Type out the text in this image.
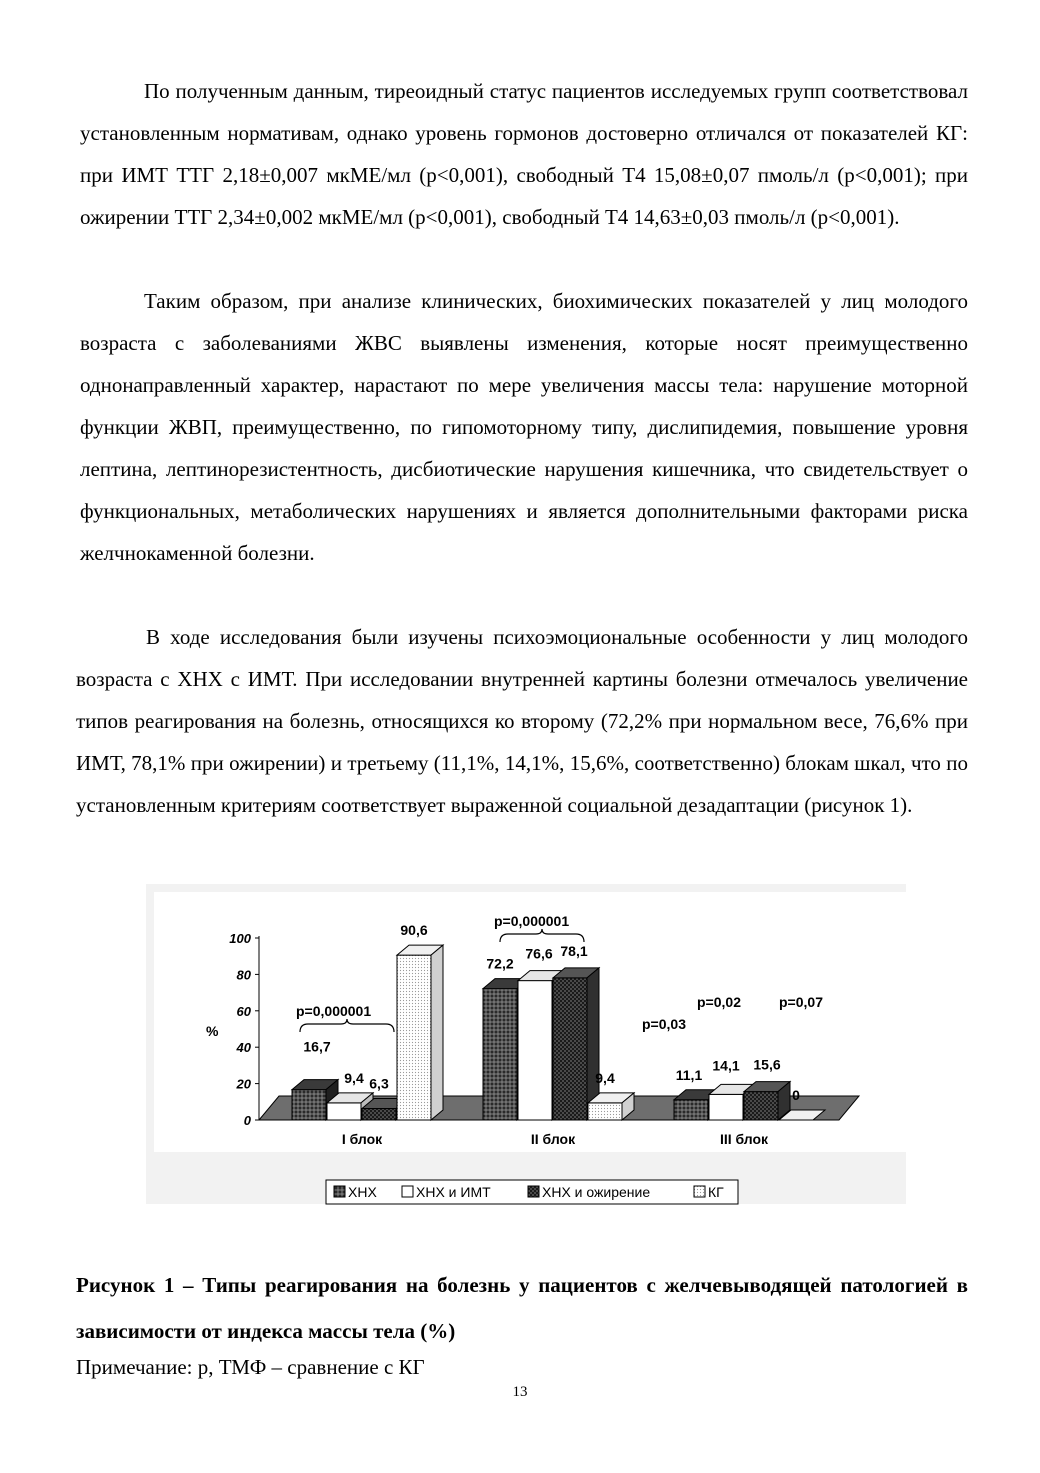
По полученным данным, тиреоидный статус пациентов исследуемых групп соответствовал установленным нормативам, однако уровень гормонов достоверно отличался от показателей КГ: при ИМТ ТТГ 2,18±0,007 мкМЕ/мл (р<0,001), свободный Т4 15,08±0,07 пмоль/л (р<0,001); при ожирении ТТГ 2,34±0,002 мкМЕ/мл (р<0,001), свободный Т4 14,63±0,03 пмоль/л (р<0,001).

Таким образом, при анализе клинических, биохимических показателей у лиц молодого возраста с заболеваниями ЖВС выявлены изменения, которые носят преимущественно однонаправленный характер, нарастают по мере увеличения массы тела: нарушение моторной функции ЖВП, преимущественно, по гипомоторному типу, дислипидемия, повышение уровня лептина, лептинорезистентность, дисбиотические нарушения кишечника, что свидетельствует о функциональных, метаболических нарушениях и является дополнительными факторами риска желчнокаменной болезни.

В ходе исследования были изучены психоэмоциональные особенности у лиц молодого возраста с ХНХ с ИМТ. При исследовании внутренней картины болезни отмечалось увеличение типов реагирования на болезнь, относящихся ко второму (72,2% при нормальном весе, 76,6% при ИМТ, 78,1% при ожирении) и третьему (11,1%, 14,1%, 15,6%, соответственно) блокам шкал, что по установленным критериям соответствует выраженной социальной дезадаптации (рисунок 1).

0
20
40
60
80
100
%
16,7
9,4 6,3
90,6
I блок
72,2
76,6 78,1
9,4
II блок
11,1
14,1 15,6
0
III блок
p=0,000001
p=0,000001
p=0,03
p=0,02	p=0,07
ХНХ	ХНХ и ИМТ	ХНХ и ожирение	КГ

Рисунок 1 – Типы реагирования на болезнь у пациентов с желчевыводящей патологией в зависимости от индекса массы тела (%)

Примечание: р, ТМФ – сравнение с КГ

13
